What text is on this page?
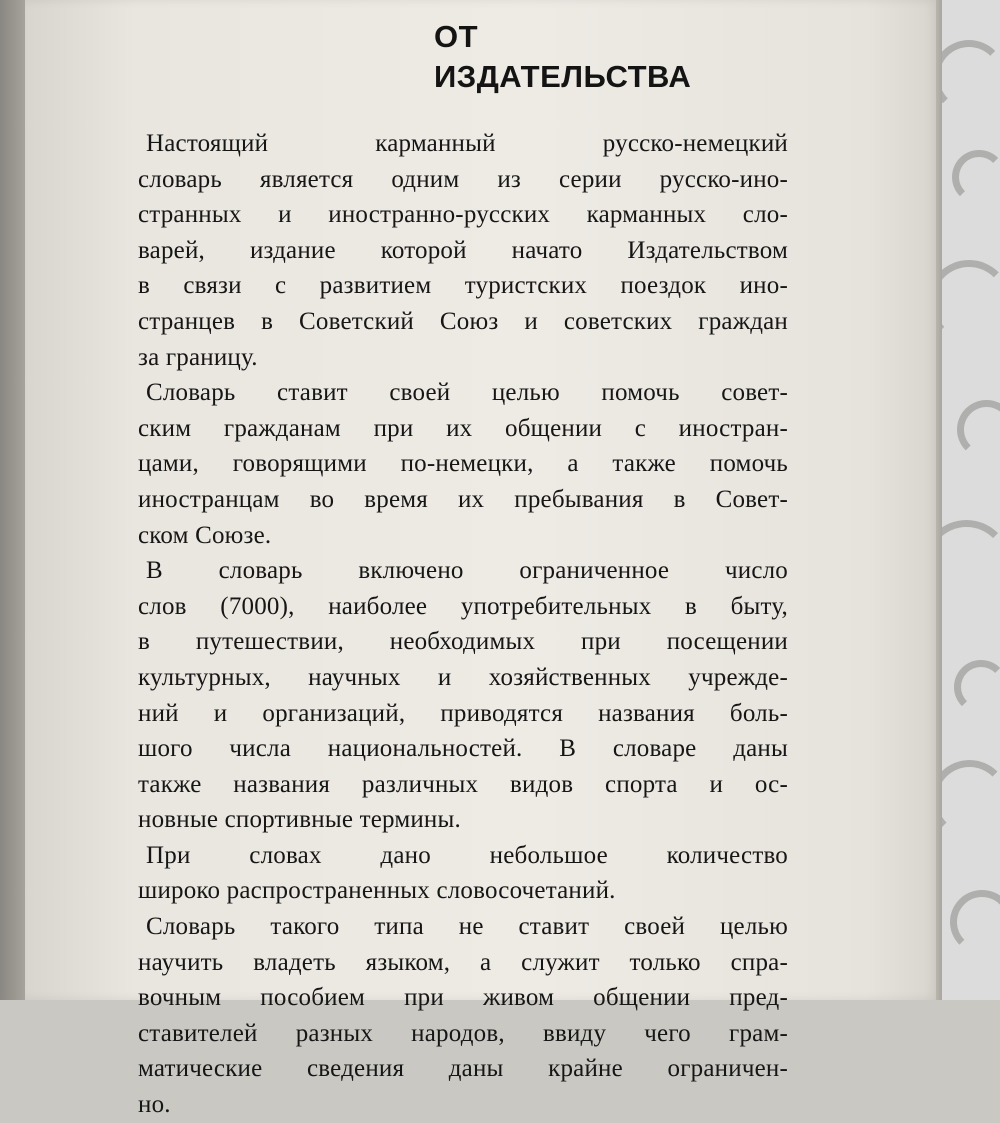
ОТ
ИЗДАТЕЛЬСТВА

Настоящий карманный русско-немецкий
словарь является одним из серии русско-ино-
странных и иностранно-русских карманных сло-
варей, издание которой начато Издательством
в связи с развитием туристских поездок ино-
странцев в Советский Союз и советских граждан
за границу.

Словарь ставит своей целью помочь совет-
ским гражданам при их общении с иностран-
цами, говорящими по-немецки, а также помочь
иностранцам во время их пребывания в Совет-
ском Союзе.

В словарь включено ограниченное число
слов (7000), наиболее употребительных в быту,
в путешествии, необходимых при посещении
культурных, научных и хозяйственных учрежде-
ний и организаций, приводятся названия боль-
шого числа национальностей. В словаре даны
также названия различных видов спорта и ос-
новные спортивные термины.

При словах дано небольшое количество
широко распространенных словосочетаний.

Словарь такого типа не ставит своей целью
научить владеть языком, а служит только спра-
вочным пособием при живом общении пред-
ставителей разных народов, ввиду чего грам-
матические сведения даны крайне ограничен-
но.
